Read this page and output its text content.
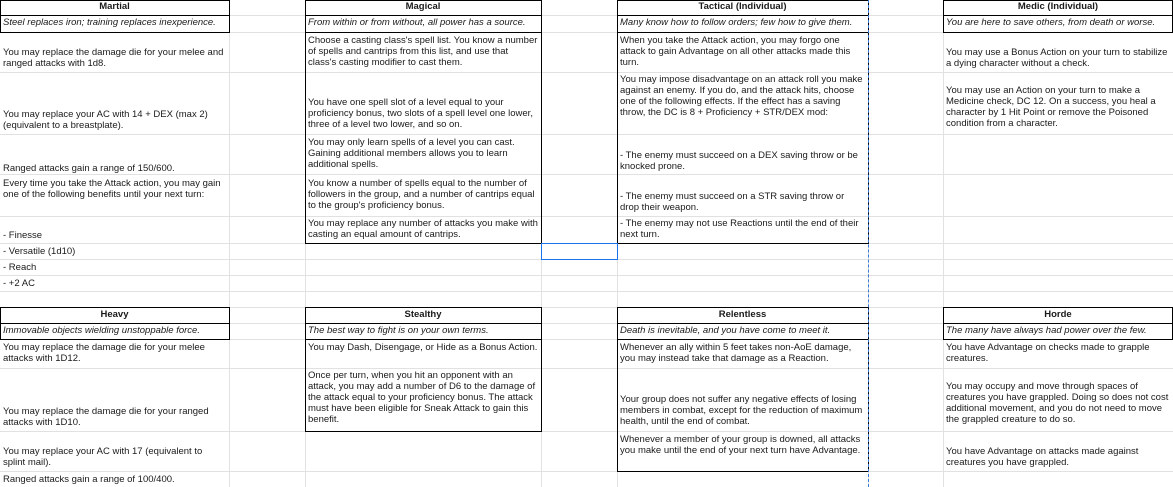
Martial
Steel replaces iron; training replaces inexperience.
You may replace the damage die for your melee and ranged attacks with 1d8.
You may replace your AC with 14 + DEX (max 2) (equivalent to a breastplate).
Ranged attacks gain a range of 150/600.
Every time you take the Attack action, you may gain one of the following benefits until your next turn:
- Finesse
- Versatile (1d10)
- Reach
- +2 AC
Magical
From within or from without, all power has a source.
Choose a casting class's spell list. You know a number of spells and cantrips from this list, and use that class's casting modifier to cast them.
You have one spell slot of a level equal to your proficiency bonus, two slots of a spell level one lower, three of a level two lower, and so on.
You may only learn spells of a level you can cast. Gaining additional members allows you to learn additional spells.
You know a number of spells equal to the number of followers in the group, and a number of cantrips equal to the group's proficiency bonus.
You may replace any number of attacks you make with casting an equal amount of cantrips.
Tactical (Individual)
Many know how to follow orders; few how to give them.
When you take the Attack action, you may forgo one attack to gain Advantage on all other attacks made this turn.
You may impose disadvantage on an attack roll you make against an enemy. If you do, and the attack hits, choose one of the following effects. If the effect has a saving throw, the DC is 8 + Proficiency + STR/DEX mod:
- The enemy must succeed on a DEX saving throw or be knocked prone.
- The enemy must succeed on a STR saving throw or drop their weapon.
- The enemy may not use Reactions until the end of their next turn.
Medic (Individual)
You are here to save others, from death or worse.
You may use a Bonus Action on your turn to stabilize a dying character without a check.
You may use an Action on your turn to make a Medicine check, DC 12. On a success, you heal a character by 1 Hit Point or remove the Poisoned condition from a character.
Heavy
Immovable objects wielding unstoppable force.
You may replace the damage die for your melee attacks with 1D12.
You may replace the damage die for your ranged attacks with 1D10.
You may replace your AC with 17 (equivalent to splint mail).
Ranged attacks gain a range of 100/400.
Stealthy
The best way to fight is on your own terms.
You may Dash, Disengage, or Hide as a Bonus Action.
Once per turn, when you hit an opponent with an attack, you may add a number of D6 to the damage of the attack equal to your proficiency bonus. The attack must have been eligible for Sneak Attack to gain this benefit.
Relentless
Death is inevitable, and you have come to meet it.
Whenever an ally within 5 feet takes non-AoE damage, you may instead take that damage as a Reaction.
Your group does not suffer any negative effects of losing members in combat, except for the reduction of maximum health, until the end of combat.
Whenever a member of your group is downed, all attacks you make until the end of your next turn have Advantage.
Horde
The many have always had power over the few.
You have Advantage on checks made to grapple creatures.
You may occupy and move through spaces of creatures you have grappled. Doing so does not cost additional movement, and you do not need to move the grappled creature to do so.
You have Advantage on attacks made against creatures you have grappled.
